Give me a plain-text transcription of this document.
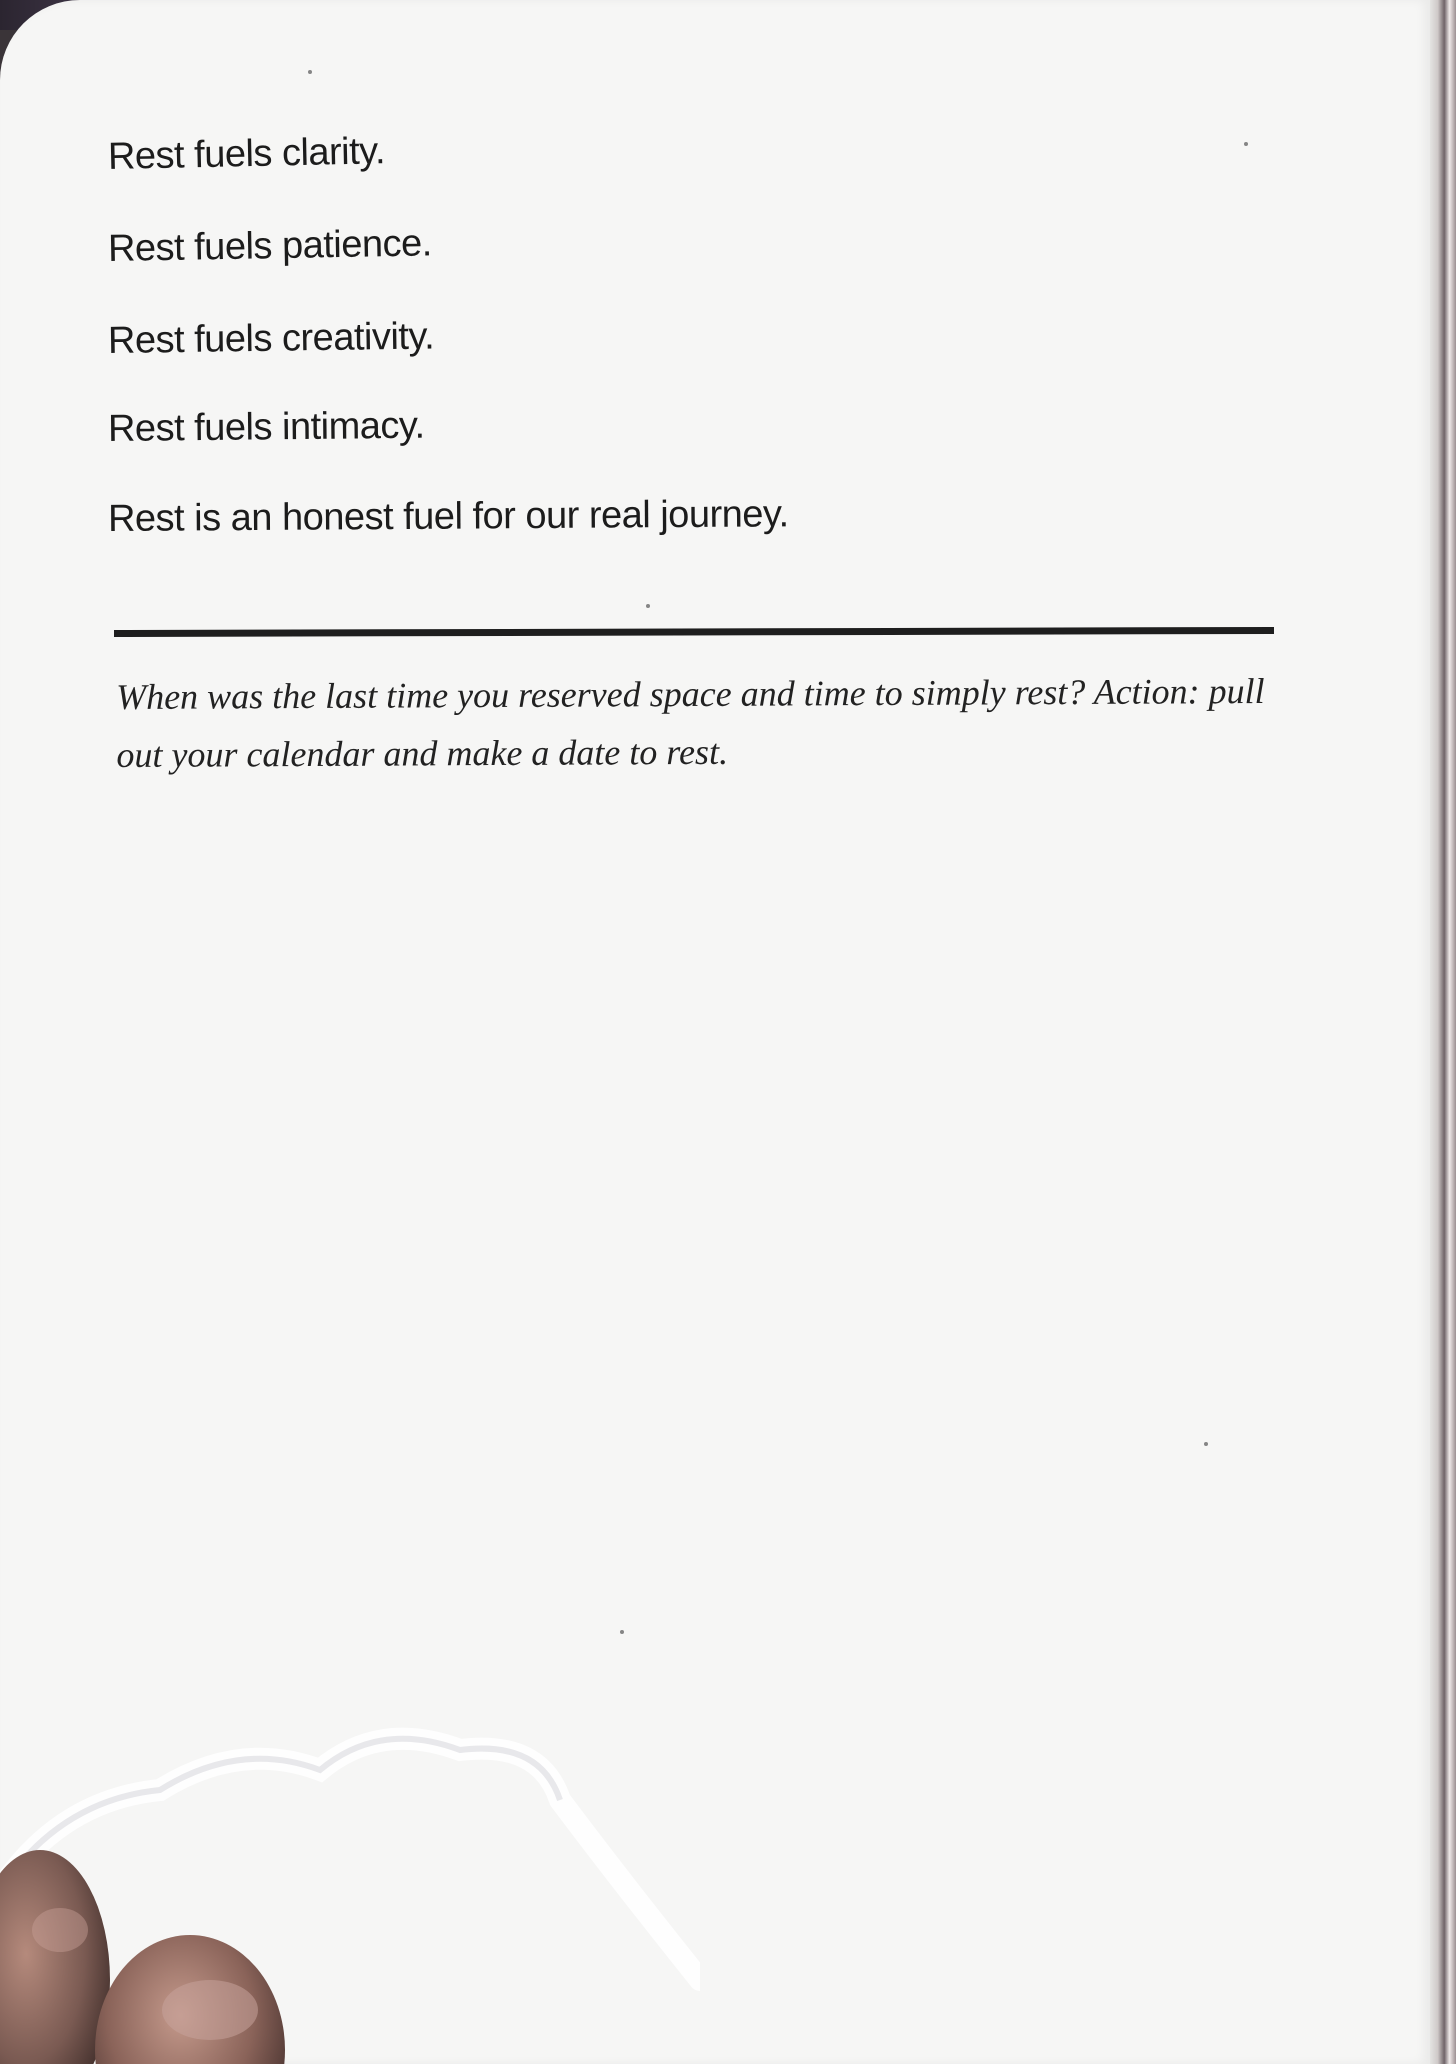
Rest fuels clarity.

Rest fuels patience.

Rest fuels creativity.

Rest fuels intimacy.

Rest is an honest fuel for our real journey.

When was the last time you reserved space and time to simply rest? Action: pull out your calendar and make a date to rest.
